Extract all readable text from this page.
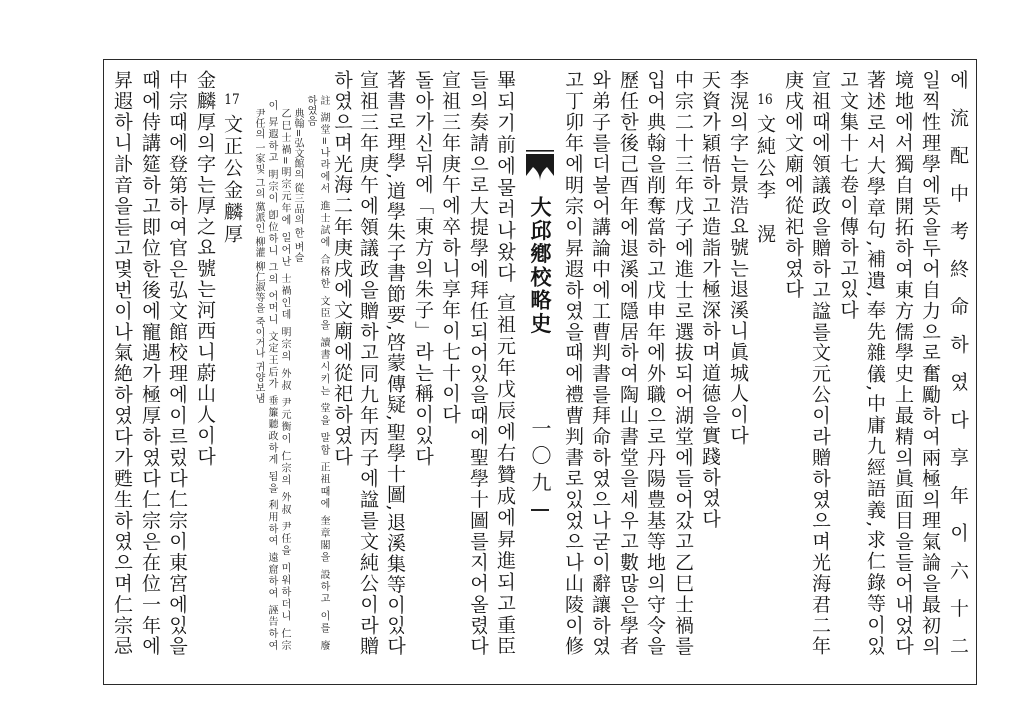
에流配中考終命하였다享年이六十二
일찍性理學에뜻을두어自力으로奮勵하여兩極의理氣論을最初의
境地에서獨自開拓하여東方儒學史上最精의眞面目을들어내었다
著述로서大學章句,補遺,奉先雜儀,中庸九經語義,求仁錄等이있
고文集十七卷이傳하고있다
宣祖때에領議政을贈하고諡를文元公이라贈하였으며光海君二年
庚戌에文廟에從祀하였다
16文純公李　滉
李滉의字는景浩요號는退溪니眞城人이다
天資가穎悟하고造詣가極深하며道德을實踐하였다
中宗二十三年戊子에進士로選拔되어湖堂에들어갔고乙巳士禍를
입어典翰을削奪當하고戊申年에外職으로丹陽豊基等地의守令을
歷任한後己酉年에退溪에隱居하여陶山書堂을세우고數많은學者
와弟子를더불어講論中에工曹判書를拜命하였으나굳이辭讓하였
고丁卯年에明宗이昇遐하였을때에禮曹判書로있었으나山陵이修
大邱鄕校略史
一〇九
畢되기前에물러나왔다 宣祖元年戊辰에右贊成에昇進되고重臣
들의奏請으로大提學에拜任되어있을때에聖學十圖를지어올렸다
宣祖三年庚午에卒하니享年이七十이다
돌아가신뒤에「東方의朱子」라는稱이있다
著書로理學,道學朱子書節要,啓蒙傳疑,聖學十圖,退溪集等이있다
宣祖三年庚午에領議政을贈하고同九年丙子에諡를文純公이라贈
하였으며光海二年庚戌에文廟에從祀하였다
註 湖堂=나라에서 進士試에 合格한 文臣을 讀書시키는 堂을 말함 正祖때에 奎章閣을 設하고 이를 廢
하였음
典翰=弘文館의 從三品의 한 벼슬
乙巳士禍=明宗元年에 일어난 士禍인데 明宗의 外叔 尹元衡이 仁宗의 外叔 尹任을 미워하더니 仁宗
이 昇遐하고 明宗이 卽位하니 그의 어머니 文定王后가 垂簾聽政하게 됨을 利用하여 遠窟하여 誣告하여
尹任의 一家및 그의 黨派인 柳灌 柳仁淑等을 죽이거나 귀양보냄
17文正公金麟厚
金麟厚의字는厚之요號는河西니蔚山人이다
中宗때에登第하여官은弘文館校理에이르렀다仁宗이東宮에있을
때에侍講筵하고即位한後에寵遇가極厚하였다仁宗은在位一年에
昇遐하니訃音을듣고몇번이나氣絶하였다가甦生하였으며仁宗忌
